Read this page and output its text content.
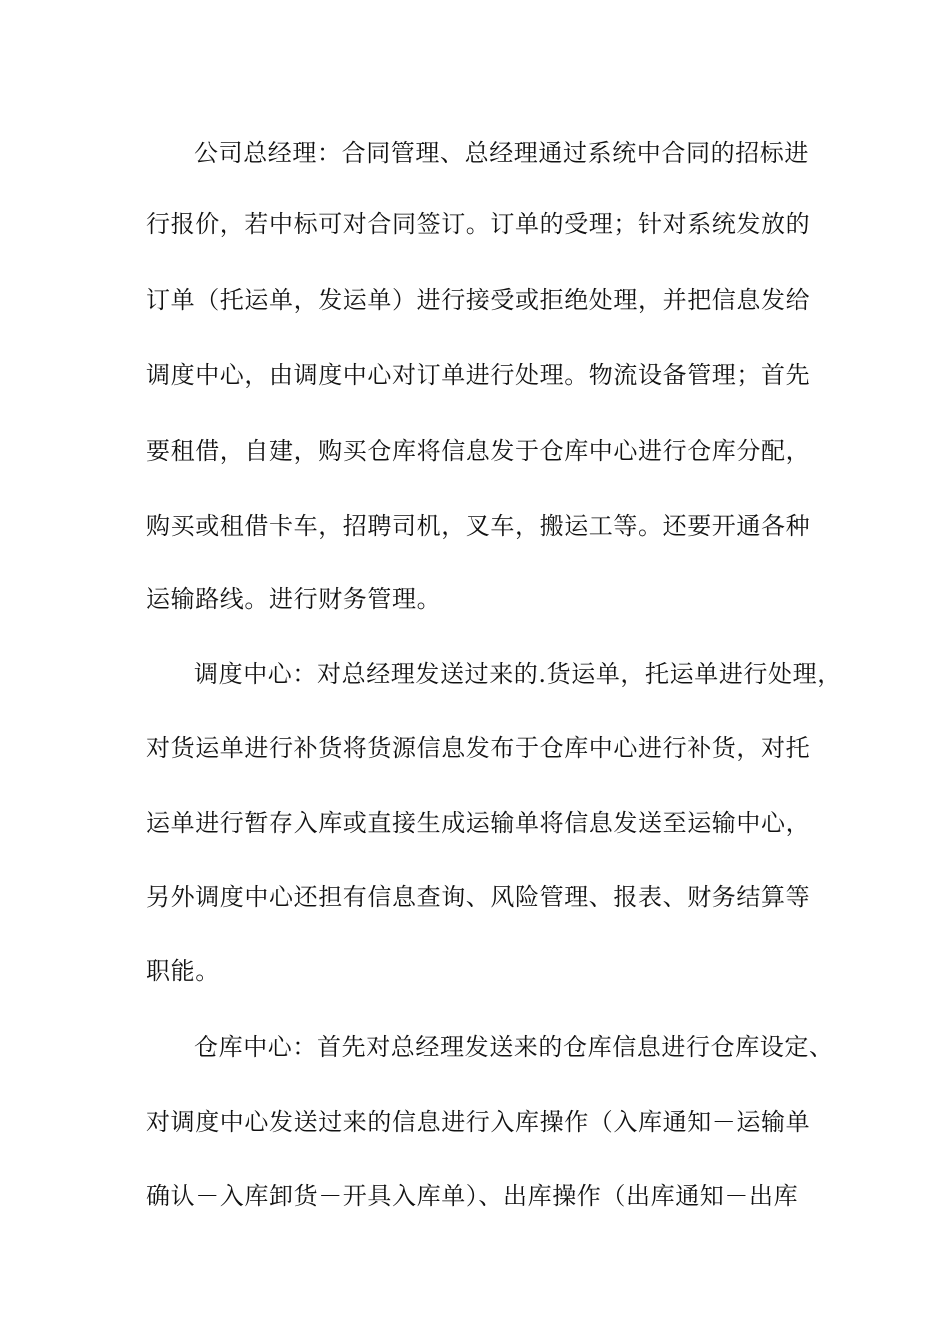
公司总经理：合同管理、总经理通过系统中合同的招标进
行报价，若中标可对合同签订。订单的受理；针对系统发放的
订单（托运单，发运单）进行接受或拒绝处理，并把信息发给
调度中心，由调度中心对订单进行处理。物流设备管理；首先
要租借，自建，购买仓库将信息发于仓库中心进行仓库分配，
购买或租借卡车，招聘司机，叉车，搬运工等。还要开通各种
运输路线。进行财务管理。
调度中心：对总经理发送过来的.货运单，托运单进行处理，
对货运单进行补货将货源信息发布于仓库中心进行补货，对托
运单进行暂存入库或直接生成运输单将信息发送至运输中心，
另外调度中心还担有信息查询、风险管理、报表、财务结算等
职能。
仓库中心：首先对总经理发送来的仓库信息进行仓库设定、
对调度中心发送过来的信息进行入库操作（入库通知－运输单
确认－入库卸货－开具入库单）、出库操作（出库通知－出库
